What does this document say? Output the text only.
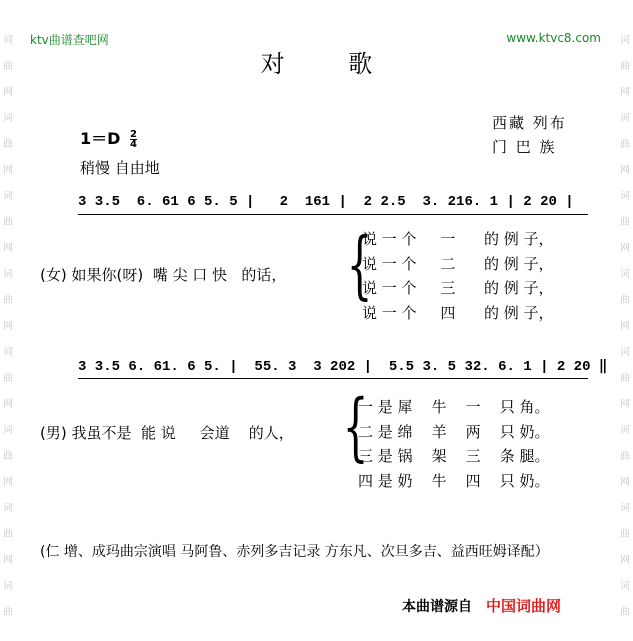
词
曲
网
词
曲
网
词
曲
网
词
曲
网
词
曲
网
词
曲
网
词
曲
网
词
曲
词
曲
网
词
曲
网
词
曲
网
词
曲
网
词
曲
网
词
曲
网
词
曲
网
词
曲
ktv曲谱查吧网	www.ktvc8.com
对 歌
西藏 列布
门 巴 族
$1=D \frac{2}{4}$
稍慢 自由地
3 3.5  6. 61 6 5. 5 |   2  161 |  2 2.5  3. 216. 1 | 2 20 |
(女) 如果你(呀)  嘴 尖 口 快   的话， {
说 一 个     一      的 例 子，
说 一 个     二      的 例 子，
说 一 个     三      的 例 子，
说 一 个     四      的 例 子，
3 3.5 6. 61. 6 5. |  55. 3  3 202 |  5.5 3. 5 32. 6. 1 | 2 20 ‖
(男) 我虽不是  能 说     会道    的人， {
一 是 犀    牛    一    只 角。
二 是 绵    羊    两    只 奶。
三 是 锅    架    三    条 腿。
四 是 奶    牛    四    只 奶。
(仁 增、成玛曲宗演唱 马阿鲁、赤列多吉记录 方东凡、次旦多吉、益西旺姆译配）
本曲谱源自 中国词曲网
